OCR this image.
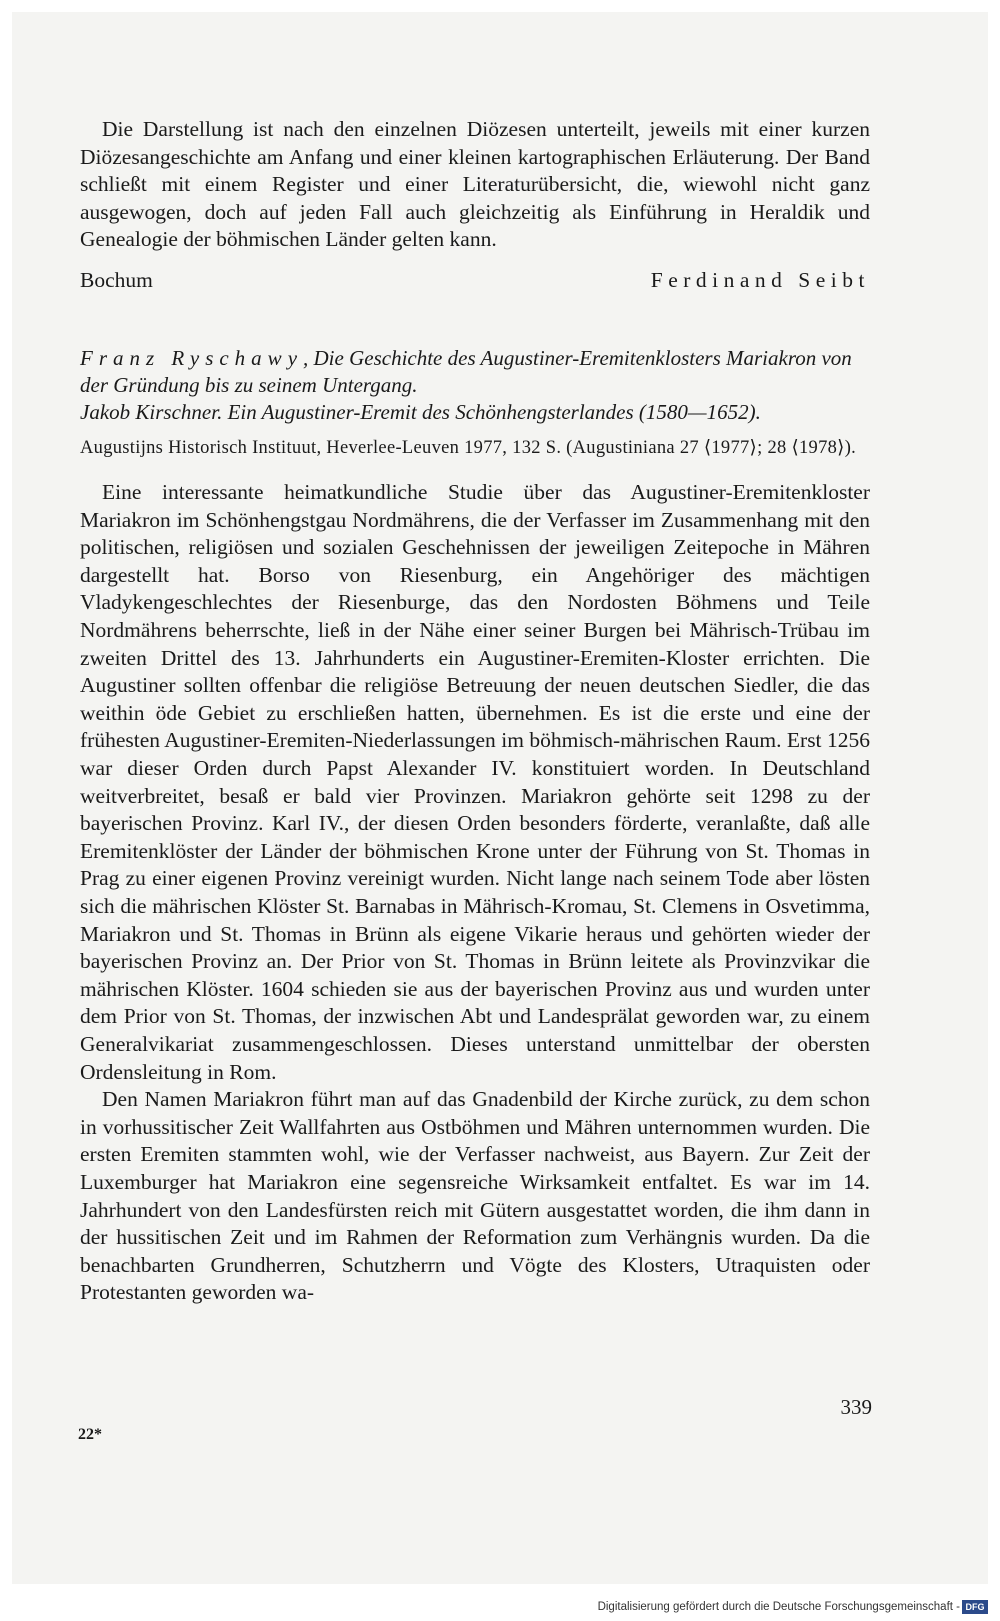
Die Darstellung ist nach den einzelnen Diözesen unterteilt, jeweils mit einer kurzen Diözesangeschichte am Anfang und einer kleinen kartographischen Erläuterung. Der Band schließt mit einem Register und einer Literaturübersicht, die, wiewohl nicht ganz ausgewogen, doch auf jeden Fall auch gleichzeitig als Einführung in Heraldik und Genealogie der böhmischen Länder gelten kann.

Bochum	Ferdinand Seibt

Franz Ryschawy, Die Geschichte des Augustiner-Eremitenklosters Mariakron von der Gründung bis zu seinem Untergang.

Jakob Kirschner. Ein Augustiner-Eremit des Schönhengsterlandes (1580—1652).

Augustijns Historisch Instituut, Heverlee-Leuven 1977, 132 S. (Augustiniana 27 ⟨1977⟩; 28 ⟨1978⟩).

Eine interessante heimatkundliche Studie über das Augustiner-Eremitenkloster Mariakron im Schönhengstgau Nordmährens, die der Verfasser im Zusammenhang mit den politischen, religiösen und sozialen Geschehnissen der jeweiligen Zeitepoche in Mähren dargestellt hat. Borso von Riesenburg, ein Angehöriger des mächtigen Vladykengeschlechtes der Riesenburge, das den Nordosten Böhmens und Teile Nordmährens beherrschte, ließ in der Nähe einer seiner Burgen bei Mährisch-Trübau im zweiten Drittel des 13. Jahrhunderts ein Augustiner-Eremiten-Kloster errichten. Die Augustiner sollten offenbar die religiöse Betreuung der neuen deutschen Siedler, die das weithin öde Gebiet zu erschließen hatten, übernehmen. Es ist die erste und eine der frühesten Augustiner-Eremiten-Niederlassungen im böhmisch-mährischen Raum. Erst 1256 war dieser Orden durch Papst Alexander IV. konstituiert worden. In Deutschland weitverbreitet, besaß er bald vier Provinzen. Mariakron gehörte seit 1298 zu der bayerischen Provinz. Karl IV., der diesen Orden besonders förderte, veranlaßte, daß alle Eremitenklöster der Länder der böhmischen Krone unter der Führung von St. Thomas in Prag zu einer eigenen Provinz vereinigt wurden. Nicht lange nach seinem Tode aber lösten sich die mährischen Klöster St. Barnabas in Mährisch-Kromau, St. Clemens in Osvetimma, Mariakron und St. Thomas in Brünn als eigene Vikarie heraus und gehörten wieder der bayerischen Provinz an. Der Prior von St. Thomas in Brünn leitete als Provinzvikar die mährischen Klöster. 1604 schieden sie aus der bayerischen Provinz aus und wurden unter dem Prior von St. Thomas, der inzwischen Abt und Landesprälat geworden war, zu einem Generalvikariat zusammengeschlossen. Dieses unterstand unmittelbar der obersten Ordensleitung in Rom.

Den Namen Mariakron führt man auf das Gnadenbild der Kirche zurück, zu dem schon in vorhussitischer Zeit Wallfahrten aus Ostböhmen und Mähren unternommen wurden. Die ersten Eremiten stammten wohl, wie der Verfasser nachweist, aus Bayern. Zur Zeit der Luxemburger hat Mariakron eine segensreiche Wirksamkeit entfaltet. Es war im 14. Jahrhundert von den Landesfürsten reich mit Gütern ausgestattet worden, die ihm dann in der hussitischen Zeit und im Rahmen der Reformation zum Verhängnis wurden. Da die benachbarten Grundherren, Schutzherrn und Vögte des Klosters, Utraquisten oder Protestanten geworden wa-

339
22*
Digitalisierung gefördert durch die Deutsche Forschungsgemeinschaft - DFG
